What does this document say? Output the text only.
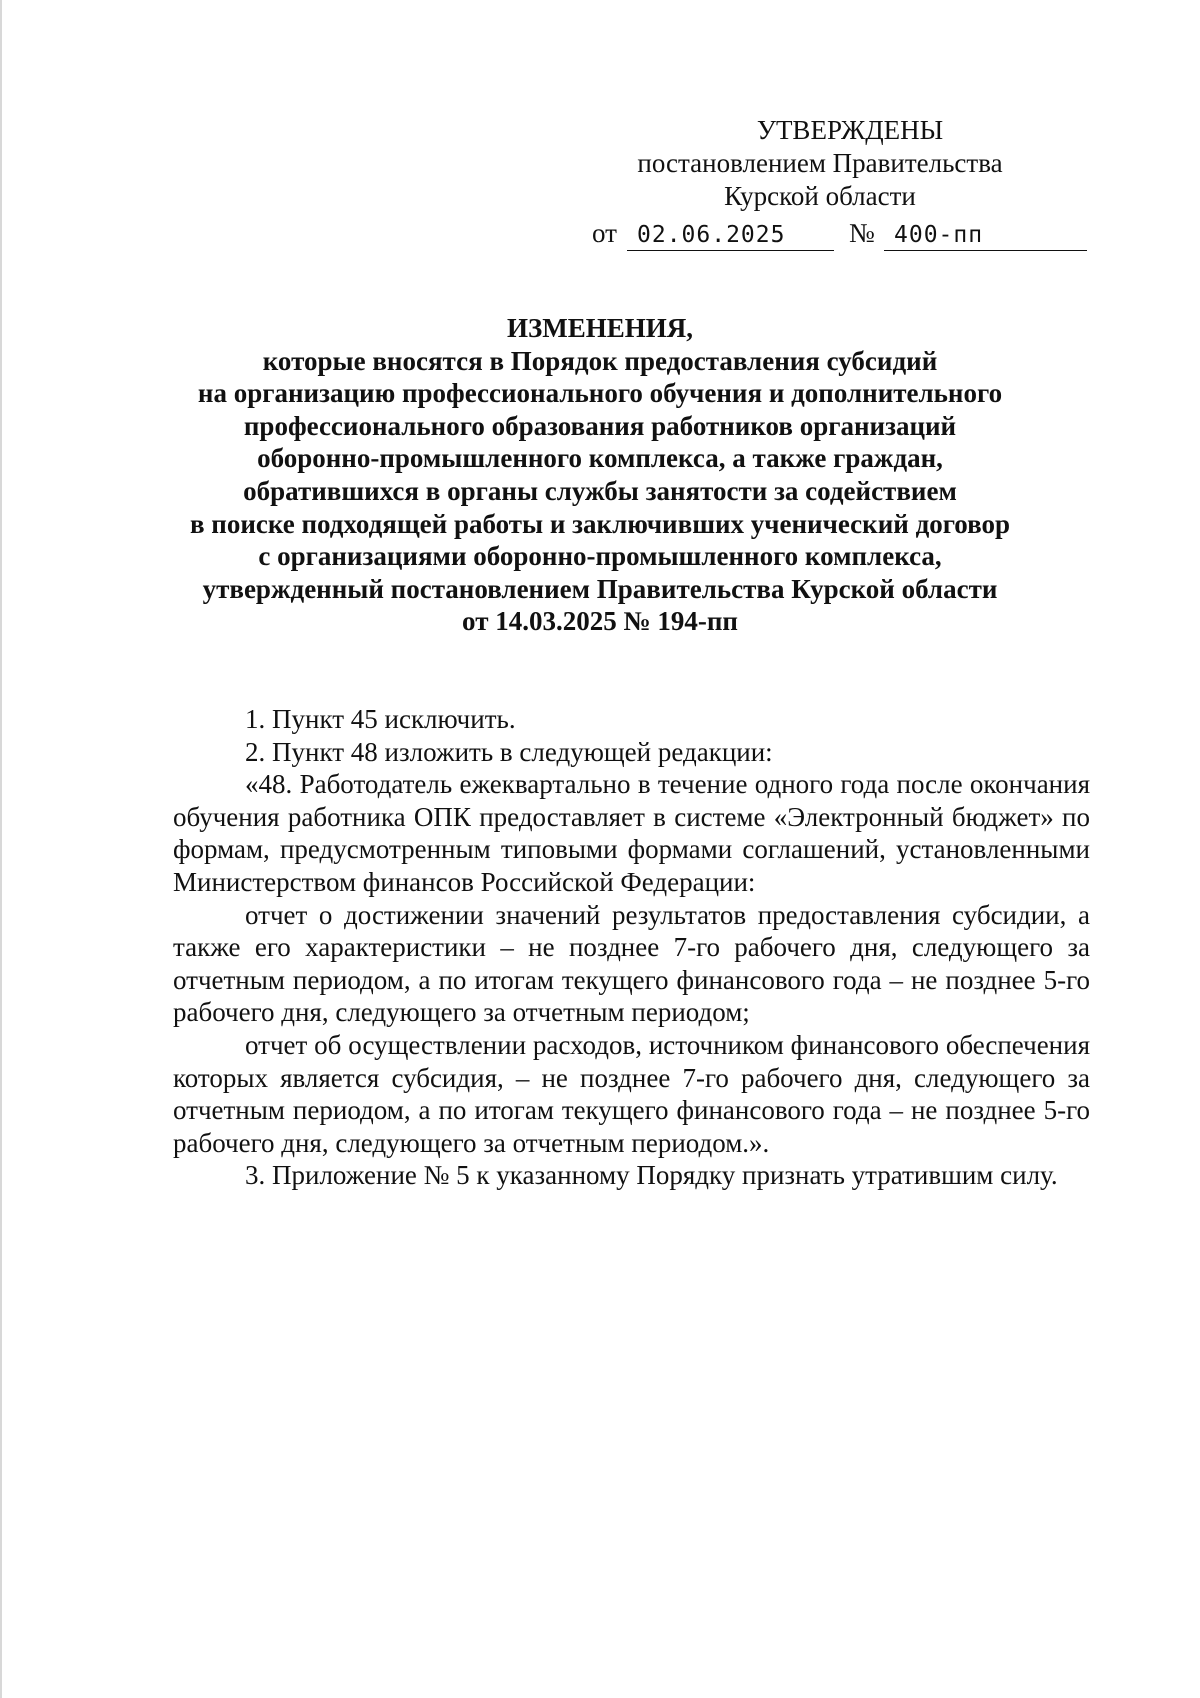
УТВЕРЖДЕНЫ
постановлением Правительства
Курской области
от 02.06.2025 № 400-пп
ИЗМЕНЕНИЯ,
которые вносятся в Порядок предоставления субсидий
на организацию профессионального обучения и дополнительного
профессионального образования работников организаций
оборонно-промышленного комплекса, а также граждан,
обратившихся в органы службы занятости за содействием
в поиске подходящей работы и заключивших ученический договор
с организациями оборонно-промышленного комплекса,
утвержденный постановлением Правительства Курской области
от 14.03.2025 № 194-пп

1. Пункт 45 исключить.

2. Пункт 48 изложить в следующей редакции:

«48. Работодатель ежеквартально в течение одного года после окончания обучения работника ОПК предоставляет в системе «Электронный бюджет» по формам, предусмотренным типовыми формами соглашений, установленными Министерством финансов Российской Федерации:

отчет о достижении значений результатов предоставления субсидии, а также его характеристики – не позднее 7-го рабочего дня, следующего за отчетным периодом, а по итогам текущего финансового года – не позднее 5-го рабочего дня, следующего за отчетным периодом;

отчет об осуществлении расходов, источником финансового обеспечения которых является субсидия, – не позднее 7-го рабочего дня, следующего за отчетным периодом, а по итогам текущего финансового года – не позднее 5-го рабочего дня, следующего за отчетным периодом.».

3. Приложение № 5 к указанному Порядку признать утратившим силу.
